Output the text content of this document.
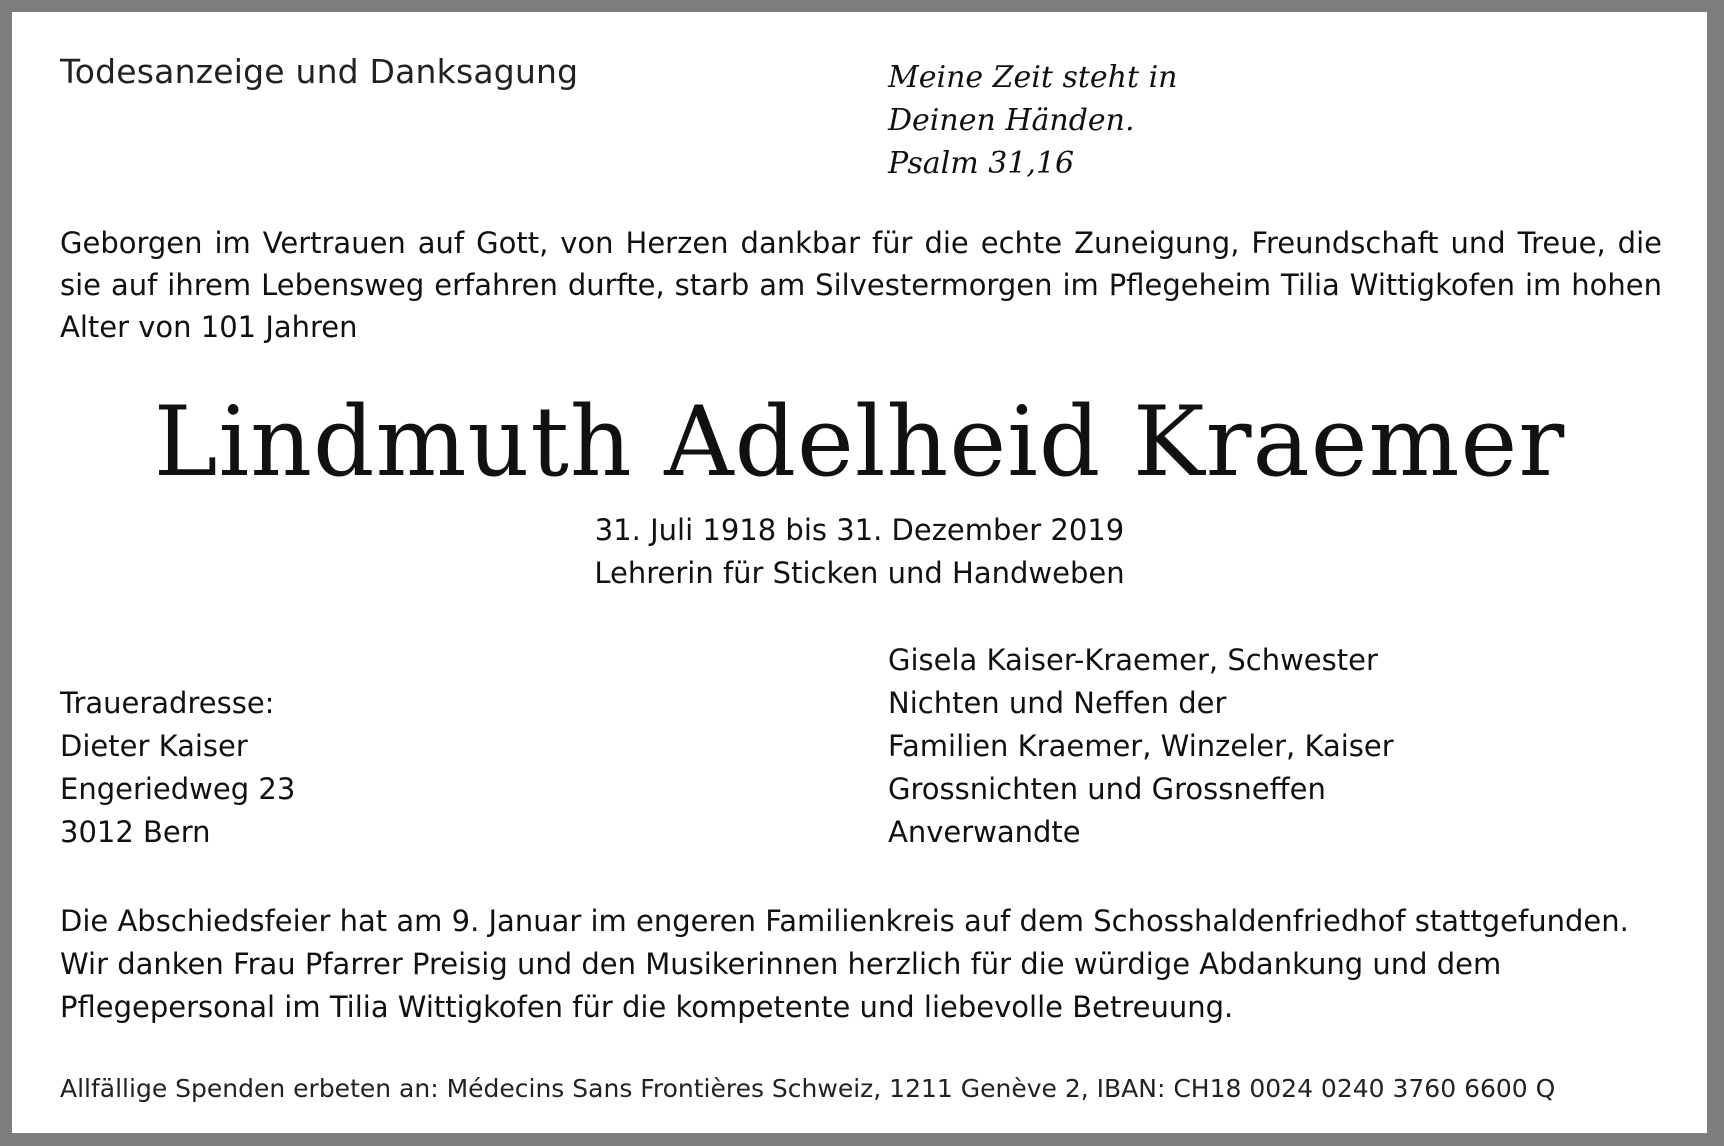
Todesanzeige und Danksagung	Meine Zeit steht in
Deinen Händen.
Psalm 31,16
Geborgen im Vertrauen auf Gott, von Herzen dankbar für die echte Zuneigung, Freundschaft und Treue, die sie auf ihrem Lebensweg erfahren durfte, starb am Silvestermorgen im Pflegeheim Tilia Wittigkofen im hohen Alter von 101 Jahren
Lindmuth Adelheid Kraemer
31. Juli 1918 bis 31. Dezember 2019
Lehrerin für Sticken und Handweben
Traueradresse:
Dieter Kaiser
Engeriedweg 23
3012 Bern
Gisela Kaiser-Kraemer, Schwester
Nichten und Neffen der
Familien Kraemer, Winzeler, Kaiser
Grossnichten und Grossneffen
Anverwandte
Die Abschiedsfeier hat am 9. Januar im engeren Familienkreis auf dem Schosshaldenfriedhof stattgefunden. Wir danken Frau Pfarrer Preisig und den Musikerinnen herzlich für die würdige Abdankung und dem Pflegepersonal im Tilia Wittigkofen für die kompetente und liebevolle Betreuung.
Allfällige Spenden erbeten an: Médecins Sans Frontières Schweiz, 1211 Genève 2, IBAN: CH18 0024 0240 3760 6600 Q
